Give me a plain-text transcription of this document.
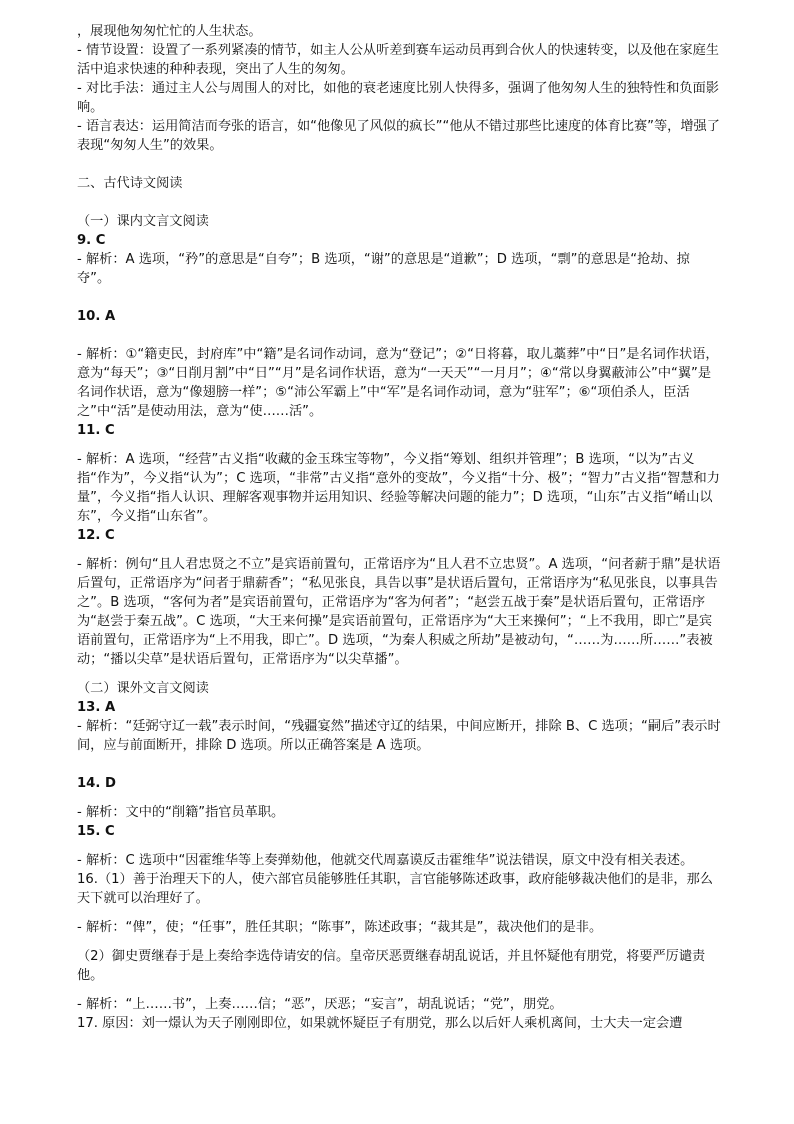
，展现他匆匆忙忙的人生状态。

- 情节设置：设置了一系列紧凑的情节，如主人公从听差到赛车运动员再到合伙人的快速转变，以及他在家庭生活中追求快速的种种表现，突出了人生的匆匆。

- 对比手法：通过主人公与周围人的对比，如他的衰老速度比别人快得多，强调了他匆匆人生的独特性和负面影响。

- 语言表达：运用简洁而夸张的语言，如“他像见了风似的疯长”“他从不错过那些比速度的体育比赛”等，增强了表现“匆匆人生”的效果。

二、古代诗文阅读

（一）课内文言文阅读

9. C

- 解析：A 选项，“矜”的意思是“自夸”；B 选项，“谢”的意思是“道歉”；D 选项，“剽”的意思是“抢劫、掠夺”。

10. A

- 解析：①“籍吏民，封府库”中“籍”是名词作动词，意为“登记”；②“日将暮，取儿藁葬”中“日”是名词作状语，意为“每天”；③“日削月割”中“日”“月”是名词作状语，意为“一天天”“一月月”；④“常以身翼蔽沛公”中“翼”是名词作状语，意为“像翅膀一样”；⑤“沛公军霸上”中“军”是名词作动词，意为“驻军”；⑥“项伯杀人，臣活之”中“活”是使动用法，意为“使……活”。

11. C

- 解析：A 选项，“经营”古义指“收藏的金玉珠宝等物”，今义指“筹划、组织并管理”；B 选项，“以为”古义指“作为”，今义指“认为”；C 选项，“非常”古义指“意外的变故”，今义指“十分、极”；“智力”古义指“智慧和力量”，今义指“指人认识、理解客观事物并运用知识、经验等解决问题的能力”；D 选项，“山东”古义指“崤山以东”，今义指“山东省”。

12. C

- 解析：例句“且人君忠贤之不立”是宾语前置句，正常语序为“且人君不立忠贤”。A 选项，“问者薪于鼎”是状语后置句，正常语序为“问者于鼎薪香”；“私见张良，具告以事”是状语后置句，正常语序为“私见张良，以事具告之”。B 选项，“客何为者”是宾语前置句，正常语序为“客为何者”；“赵尝五战于秦”是状语后置句，正常语序为“赵尝于秦五战”。C 选项，“大王来何操”是宾语前置句，正常语序为“大王来操何”；“上不我用，即亡”是宾语前置句，正常语序为“上不用我，即亡”。D 选项，“为秦人积威之所劫”是被动句，“……为……所……”表被动；“播以尖草”是状语后置句，正常语序为“以尖草播”。

（二）课外文言文阅读

13. A

- 解析：“廷弼守辽一载”表示时间，“残疆宴然”描述守辽的结果，中间应断开，排除 B、C 选项；“嗣后”表示时间，应与前面断开，排除 D 选项。所以正确答案是 A 选项。

14. D

- 解析：文中的“削籍”指官员革职。

15. C

- 解析：C 选项中“因霍维华等上奏弹劾他，他就交代周嘉谟反击霍维华”说法错误，原文中没有相关表述。

16.（1）善于治理天下的人，使六部官员能够胜任其职，言官能够陈述政事，政府能够裁决他们的是非，那么天下就可以治理好了。

- 解析：“俾”，使；“任事”，胜任其职；“陈事”，陈述政事；“裁其是”，裁决他们的是非。

（2）御史贾继春于是上奏给李选侍请安的信。皇帝厌恶贾继春胡乱说话，并且怀疑他有朋党，将要严厉谴责他。

- 解析：“上……书”，上奏……信；“恶”，厌恶；“妄言”，胡乱说话；“党”，朋党。

17. 原因：刘一燝认为天子刚刚即位，如果就怀疑臣子有朋党，那么以后奸人乘机离间，士大夫一定会遭
